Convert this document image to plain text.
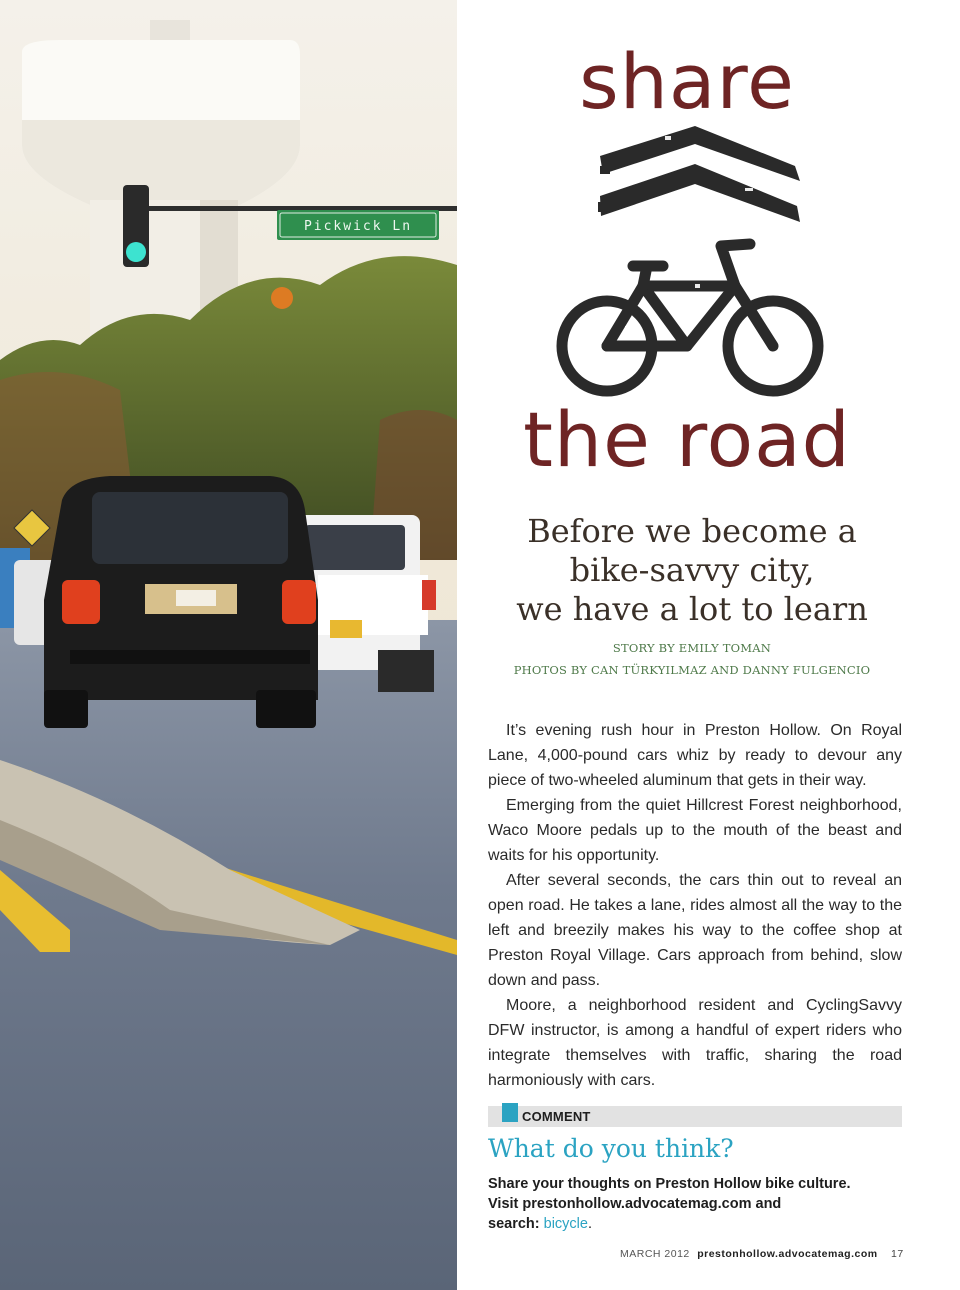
Pickwick Ln
share
the road
Before we become a
bike-savvy city,
we have a lot to learn
STORY BY EMILY TOMAN
PHOTOS BY CAN TÜRKYILMAZ AND DANNY FULGENCIO

It’s evening rush hour in Preston Hollow. On Royal Lane, 4,000-pound cars whiz by ready to devour any piece of two-wheeled aluminum that gets in their way.

Emerging from the quiet Hillcrest Forest neighborhood, Waco Moore pedals up to the mouth of the beast and waits for his opportunity.

After several seconds, the cars thin out to reveal an open road. He takes a lane, rides almost all the way to the left and breezily makes his way to the coffee shop at Preston Royal Village. Cars approach from behind, slow down and pass.

Moore, a neighborhood resident and CyclingSavvy DFW instructor, is among a handful of expert riders who integrate themselves with traffic, sharing the road harmoniously with cars.

COMMENT
What do you think?
Share your thoughts on Preston Hollow bike culture.
Visit prestonhollow.advocatemag.com and
search: bicycle.
MARCH 2012 prestonhollow.advocatemag.com 17
